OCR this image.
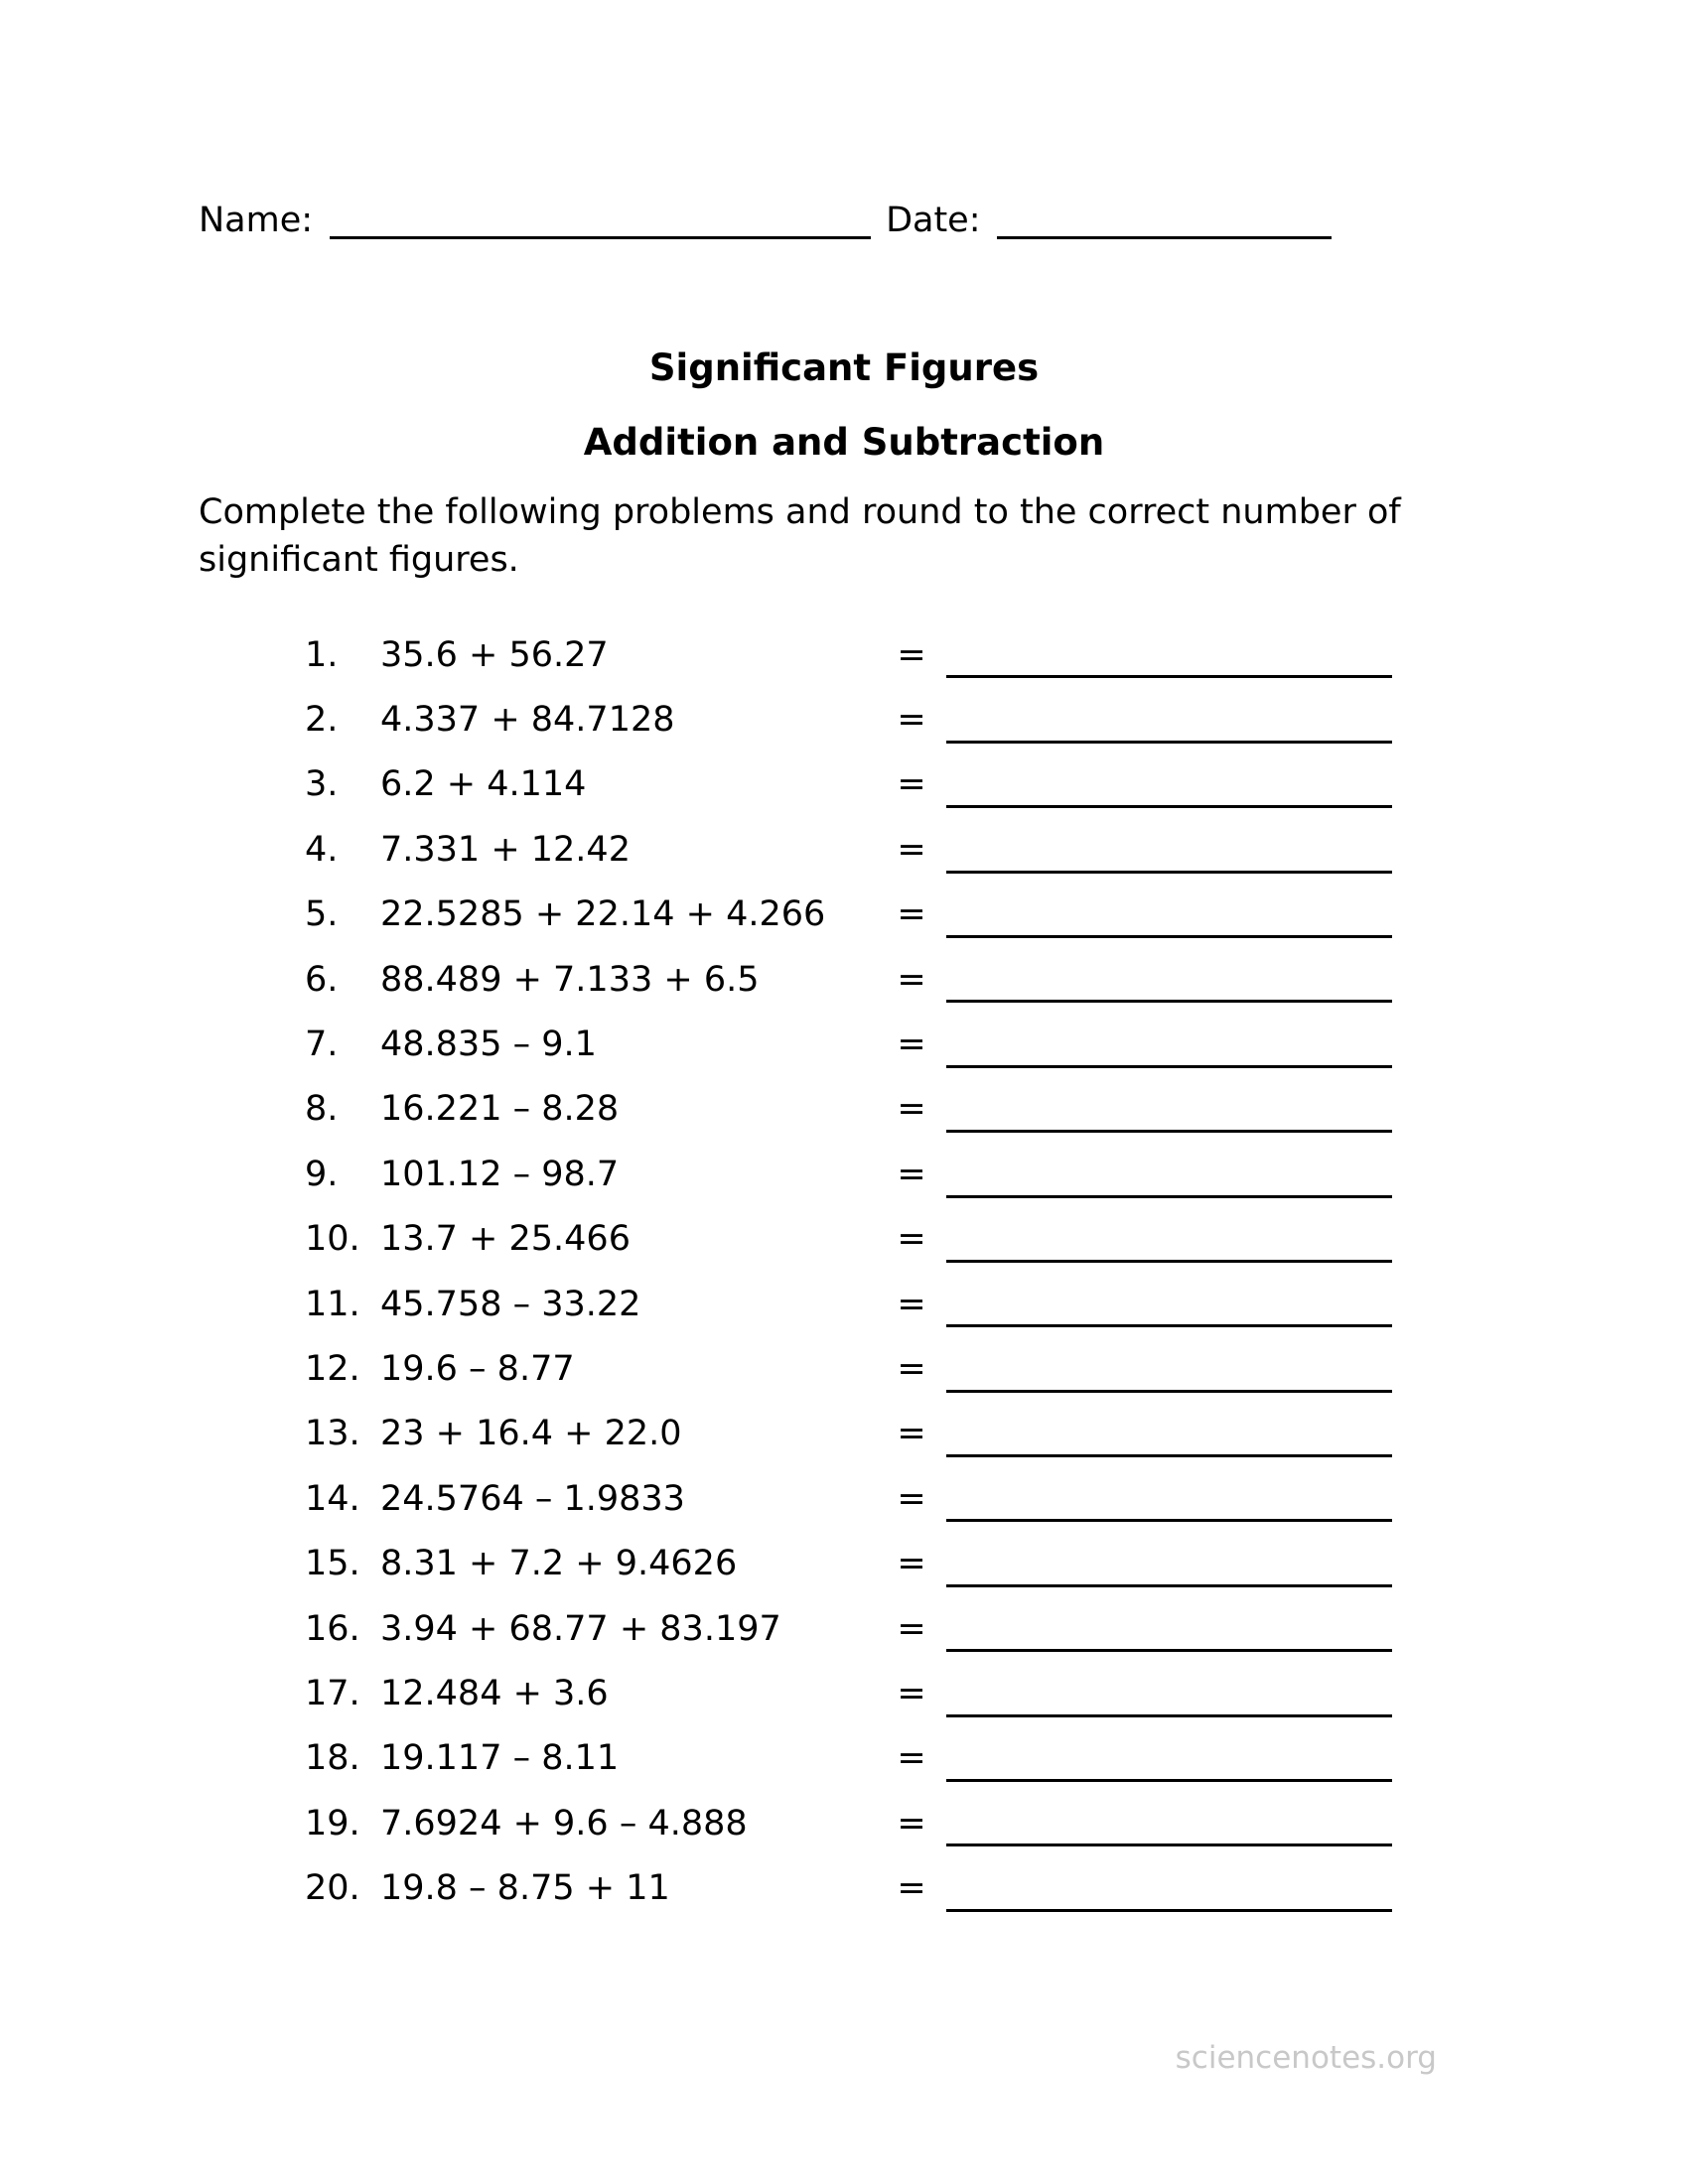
Name:	Date:
Significant Figures
Addition and Subtraction
Complete the following problems and round to the correct number of significant figures.
1.	35.6 + 56.27	=
2.	4.337 + 84.7128	=
3.	6.2 + 4.114	=
4.	7.331 + 12.42	=
5.	22.5285 + 22.14 + 4.266	=
6.	88.489 + 7.133 + 6.5	=
7.	48.835 – 9.1	=
8.	16.221 – 8.28	=
9.	101.12 – 98.7	=
10. 13.7 + 25.466	=
11. 45.758 – 33.22	=
12. 19.6 – 8.77	=
13. 23 + 16.4 + 22.0	=
14. 24.5764 – 1.9833	=
15. 8.31 + 7.2 + 9.4626	=
16. 3.94 + 68.77 + 83.197	=
17. 12.484 + 3.6	=
18. 19.117 – 8.11	=
19. 7.6924 + 9.6 – 4.888	=
20. 19.8 – 8.75 + 11	=
sciencenotes.org
